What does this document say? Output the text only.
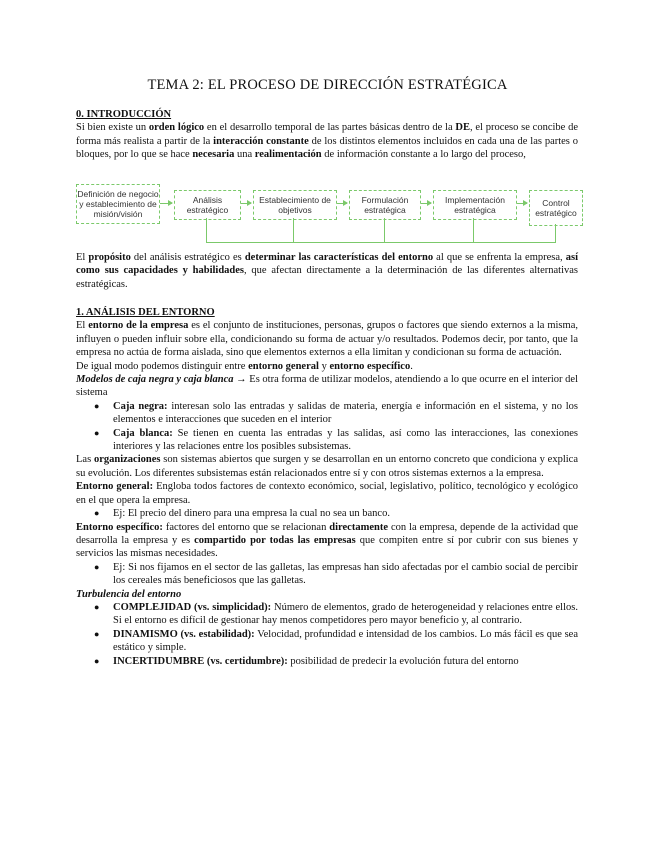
TEMA 2: EL PROCESO DE DIRECCIÓN ESTRATÉGICA
0. INTRODUCCIÓN

Si bien existe un orden lógico en el desarrollo temporal de las partes básicas dentro de la DE, el proceso se concibe de forma más realista a partir de la interacción constante de los distintos elementos incluidos en cada una de las partes o bloques, por lo que se hace necesaria una realimentación de información constante a lo largo del proceso,

Definición de negocio y establecimiento de misión/visión
Análisis estratégico
Establecimiento de objetivos
Formulación estratégica
Implementación estratégica
Control estratégico

El propósito del análisis estratégico es determinar las características del entorno al que se enfrenta la empresa, así como sus capacidades y habilidades, que afectan directamente a la determinación de las diferentes alternativas estratégicas.

1. ANÁLISIS DEL ENTORNO

El entorno de la empresa es el conjunto de instituciones, personas, grupos o factores que siendo externos a la misma, influyen o pueden influir sobre ella, condicionando su forma de actuar y/o resultados. Podemos decir, por tanto, que la empresa no actúa de forma aislada, sino que elementos externos a ella limitan y condicionan su forma de actuación.

De igual modo podemos distinguir entre entorno general y entorno específico.

Modelos de caja negra y caja blanca → Es otra forma de utilizar modelos, atendiendo a lo que ocurre en el interior del sistema

● Caja negra: interesan solo las entradas y salidas de materia, energía e información en el sistema, y no los elementos e interacciones que suceden en el interior
● Caja blanca: Se tienen en cuenta las entradas y las salidas, así como las interacciones, las conexiones interiores y las relaciones entre los posibles subsistemas.

Las organizaciones son sistemas abiertos que surgen y se desarrollan en un entorno concreto que condiciona y explica su evolución. Los diferentes subsistemas están relacionados entre sí y con otros sistemas externos a la empresa.

Entorno general: Engloba todos factores de contexto económico, social, legislativo, político, tecnológico y ecológico en el que opera la empresa.

● Ej: El precio del dinero para una empresa la cual no sea un banco.

Entorno específico: factores del entorno que se relacionan directamente con la empresa, depende de la actividad que desarrolla la empresa y es compartido por todas las empresas que compiten entre sí por cubrir con sus bienes y servicios las mismas necesidades.

● Ej: Si nos fijamos en el sector de las galletas, las empresas han sido afectadas por el cambio social de percibir los cereales más beneficiosos que las galletas.

Turbulencia del entorno

● COMPLEJIDAD (vs. simplicidad): Número de elementos, grado de heterogeneidad y relaciones entre ellos. Si el entorno es difícil de gestionar hay menos competidores pero mayor beneficio y, al contrario.
● DINAMISMO (vs. estabilidad): Velocidad, profundidad e intensidad de los cambios. Lo más fácil es que sea estático y simple.
● INCERTIDUMBRE (vs. certidumbre): posibilidad de predecir la evolución futura del entorno
